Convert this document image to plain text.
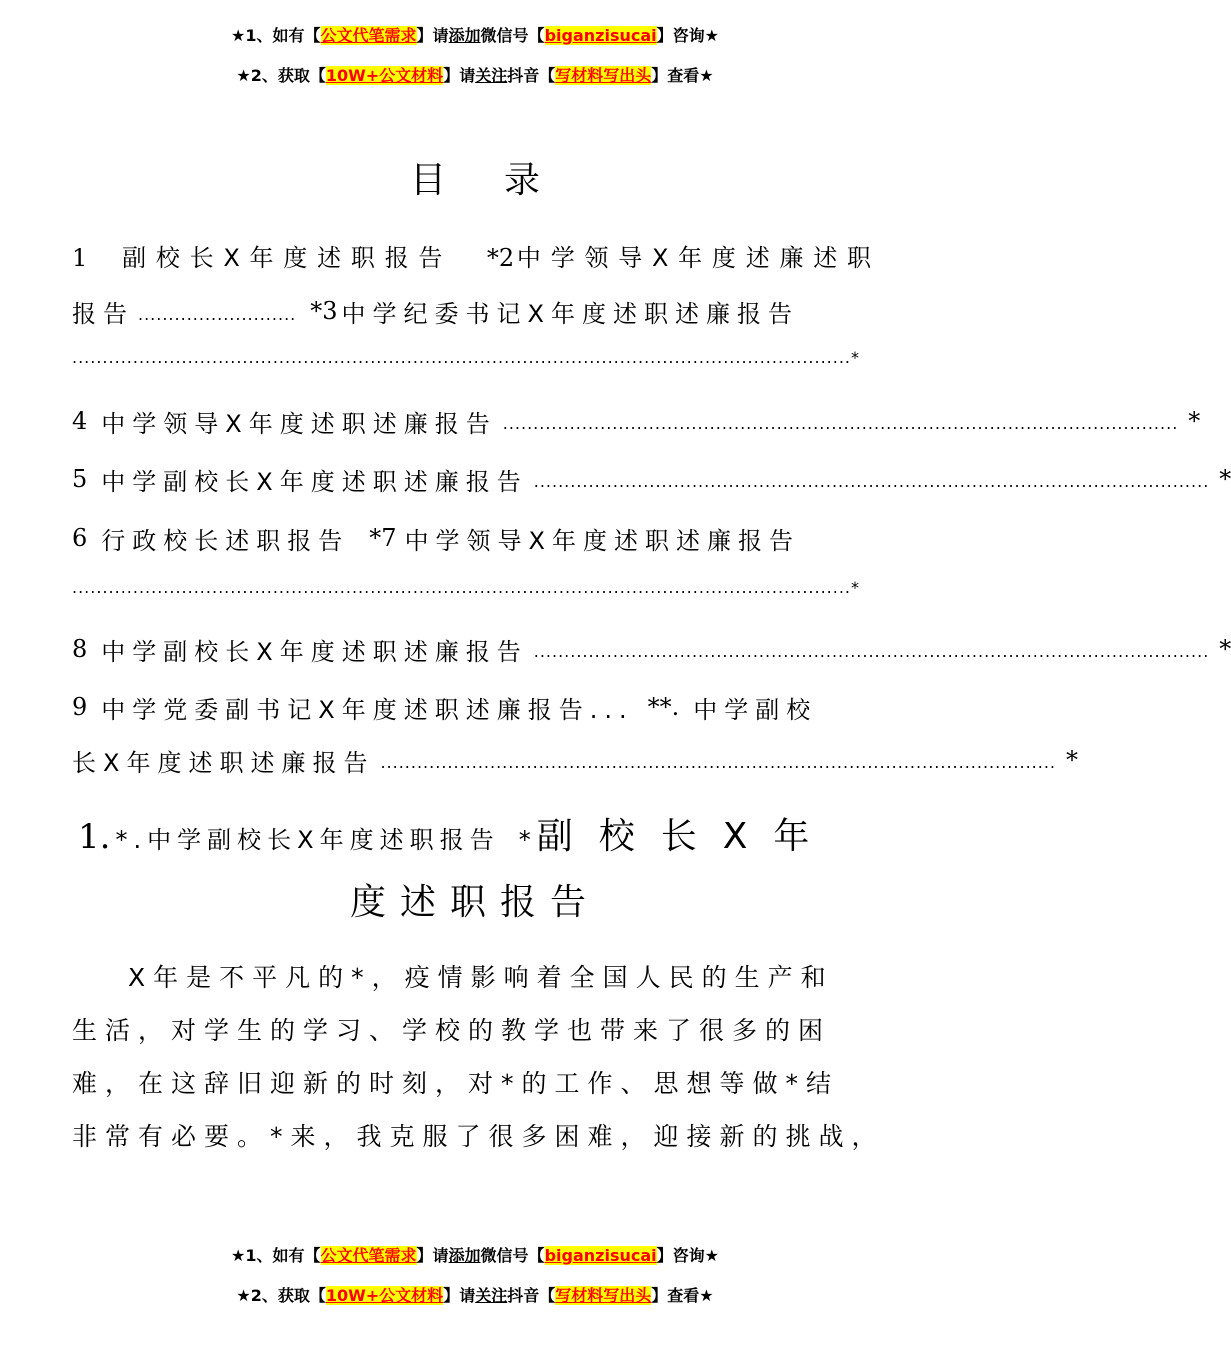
★1、如有【公文代笔需求】请添加微信号【biganzisucai】咨询★
★2、获取【10W+公文材料】请关注抖音【写材料写出头】查看★
目录
1 副校长X年度述职报告 *2中学领导X年度述廉述职
报告 .......................... *3 中学纪委书记X年度述职述廉报告
................................................................................................................................*
4 中学领导X年度述职述廉报告 ............................................................................................................... *
5 中学副校长X年度述职述廉报告 ............................................................................................................... *
6 行政校长述职报告 *7 中学领导X年度述职述廉报告
................................................................................................................................*
8 中学副校长X年度述职述廉报告 ............................................................................................................... *
9 中学党委副书记X年度述职述廉报告... **. 中学副校
长X年度述职述廉报告 ............................................................................................................... *
1. *.中学副校长X年度述职报告 *副校长X年
度述职报告
X年是不平凡的*，疫情影响着全国人民的生产和
生活，对学生的学习、学校的教学也带来了很多的困
难，在这辞旧迎新的时刻，对*的工作、思想等做*结
非常有必要。*来，我克服了很多困难，迎接新的挑战，
★1、如有【公文代笔需求】请添加微信号【biganzisucai】咨询★
★2、获取【10W+公文材料】请关注抖音【写材料写出头】查看★
